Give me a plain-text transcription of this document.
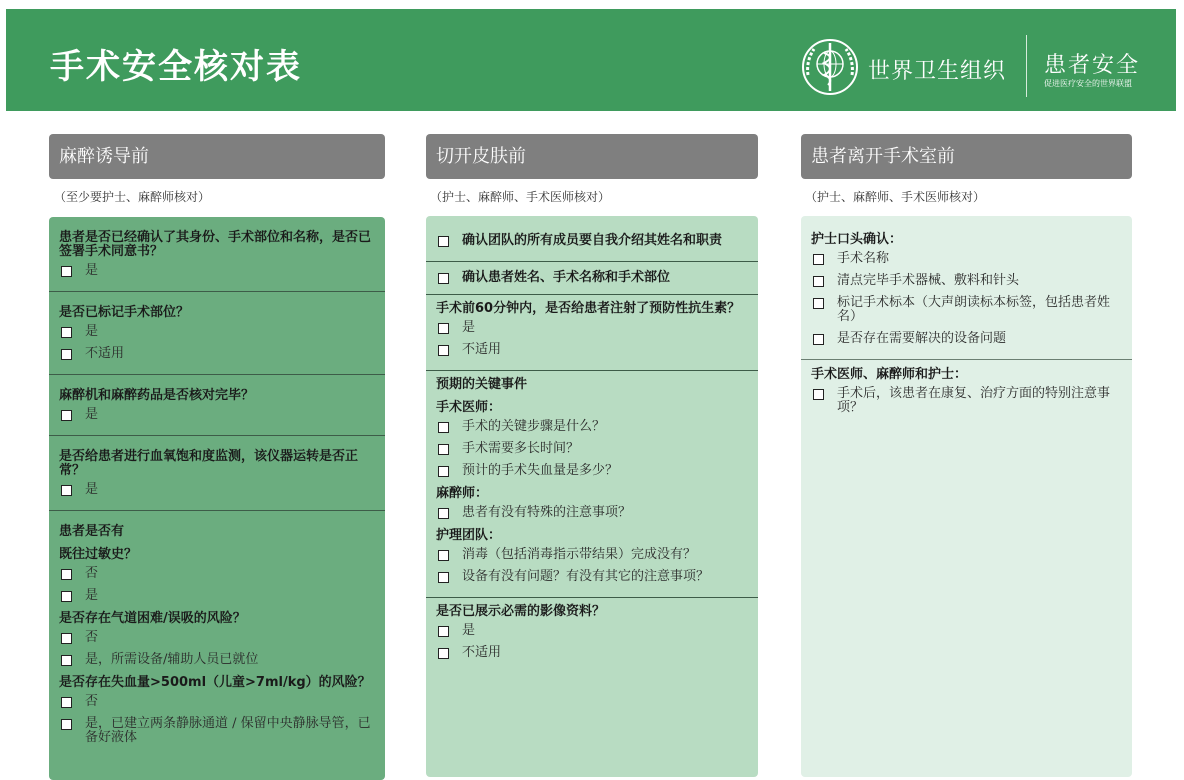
手术安全核对表	世界卫生组织 患者安全
促进医疗安全的世界联盟
麻醉诱导前	切开皮肤前	患者离开手术室前
（至少要护士、麻醉师核对）	（护士、麻醉师、手术医师核对）	（护士、麻醉师、手术医师核对）
患者是否已经确认了其身份、手术部位和名称，是否已签署手术同意书？
是
是否已标记手术部位？
是
不适用
麻醉机和麻醉药品是否核对完毕？
是
是否给患者进行血氧饱和度监测，该仪器运转是否正常？
是
患者是否有
既往过敏史？
否
是
是否存在气道困难/误吸的风险？
否
是，所需设备/辅助人员已就位
是否存在失血量>500ml（儿童>7ml/kg）的风险？
否
是，已建立两条静脉通道 / 保留中央静脉导管，已备好液体
确认团队的所有成员要自我介绍其姓名和职责
确认患者姓名、手术名称和手术部位
手术前60分钟内，是否给患者注射了预防性抗生素？
是
不适用
预期的关键事件
手术医师：
手术的关键步骤是什么？
手术需要多长时间？
预计的手术失血量是多少？
麻醉师：
患者有没有特殊的注意事项？
护理团队：
消毒（包括消毒指示带结果）完成没有？
设备有没有问题？有没有其它的注意事项？
是否已展示必需的影像资料？
是
不适用
护士口头确认：
手术名称
清点完毕手术器械、敷料和针头
标记手术标本（大声朗读标本标签，包括患者姓名）
是否存在需要解决的设备问题
手术医师、麻醉师和护士：
手术后，该患者在康复、治疗方面的特别注意事项？
